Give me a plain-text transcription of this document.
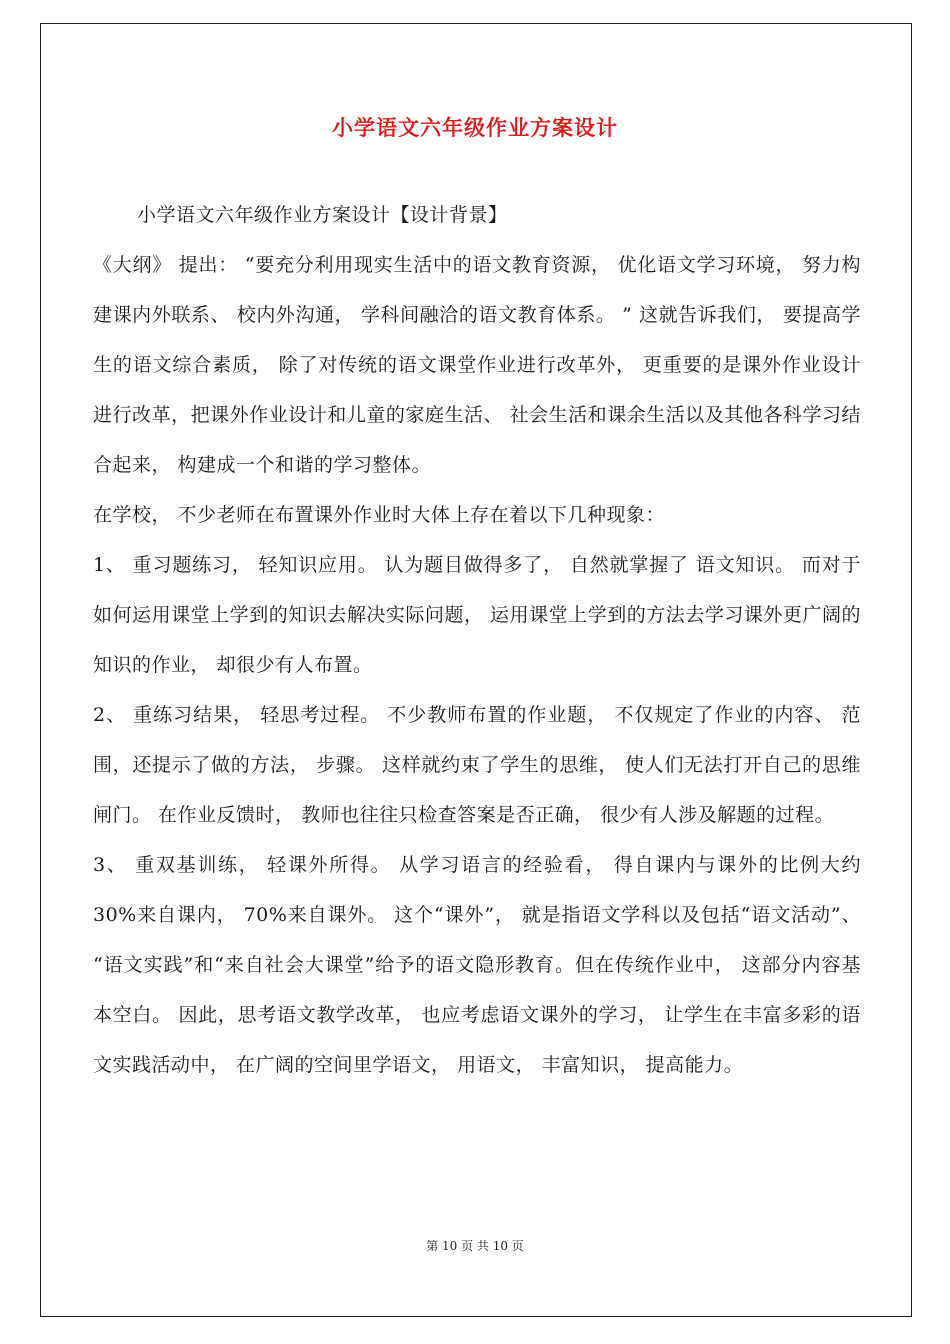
小学语文六年级作业方案设计

小学语文六年级作业方案设计【设计背景】

《大纲》 提出： “要充分利用现实生活中的语文教育资源， 优化语文学习环境， 努力构建课内外联系、 校内外沟通， 学科间融洽的语文教育体系。 ” 这就告诉我们， 要提高学生的语文综合素质， 除了对传统的语文课堂作业进行改革外， 更重要的是课外作业设计进行改革，把课外作业设计和儿童的家庭生活、 社会生活和课余生活以及其他各科学习结合起来， 构建成一个和谐的学习整体。

在学校， 不少老师在布置课外作业时大体上存在着以下几种现象：

1、 重习题练习， 轻知识应用。 认为题目做得多了， 自然就掌握了 语文知识。 而对于如何运用课堂上学到的知识去解决实际问题， 运用课堂上学到的方法去学习课外更广阔的知识的作业， 却很少有人布置。

2、 重练习结果， 轻思考过程。 不少教师布置的作业题， 不仅规定了作业的内容、 范围，还提示了做的方法， 步骤。 这样就约束了学生的思维， 使人们无法打开自己的思维闸门。 在作业反馈时， 教师也往往只检查答案是否正确， 很少有人涉及解题的过程。

3、 重双基训练， 轻课外所得。 从学习语言的经验看， 得自课内与课外的比例大约 30%来自课内， 70%来自课外。 这个“课外”， 就是指语文学科以及包括“语文活动”、 “语文实践”和“来自社会大课堂”给予的语文隐形教育。但在传统作业中， 这部分内容基本空白。 因此，思考语文教学改革， 也应考虑语文课外的学习， 让学生在丰富多彩的语文实践活动中， 在广阔的空间里学语文， 用语文， 丰富知识， 提高能力。

第 10 页 共 10 页
